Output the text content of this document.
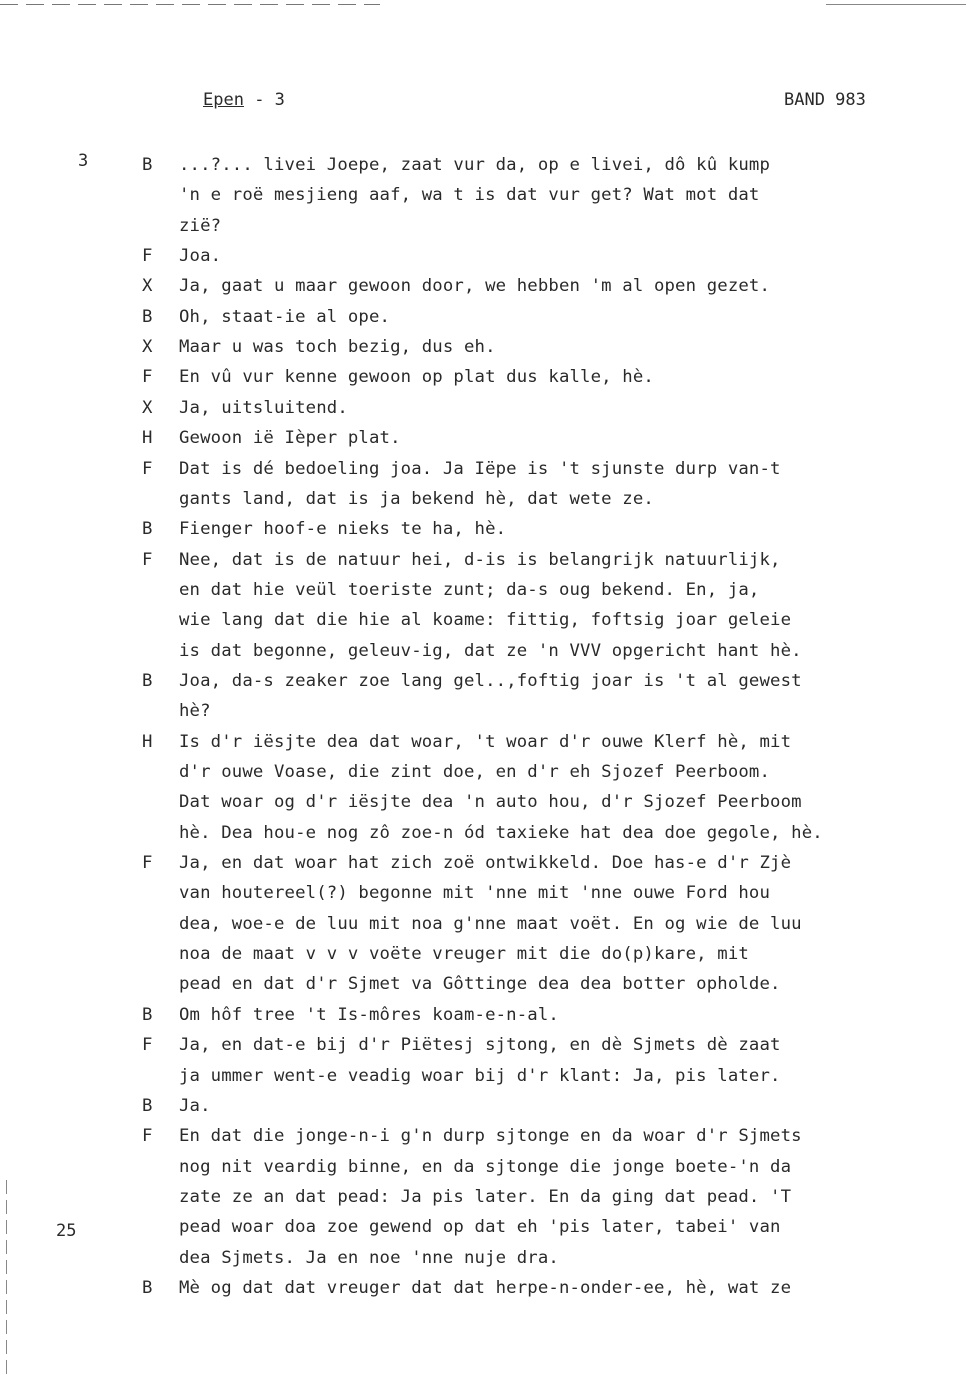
Epen - 3	BAND 983
3
25
B ...?... livei Joepe, zaat vur da, op e livei, dô kû kump
'n e roë mesjieng aaf, wa t is dat vur get? Wat mot dat
zië?
F Joa.
X Ja, gaat u maar gewoon door, we hebben 'm al open gezet.
B Oh, staat-ie al ope.
X Maar u was toch bezig, dus eh.
F En vû vur kenne gewoon op plat dus kalle, hè.
X Ja, uitsluitend.
H Gewoon ië Ièper plat.
F Dat is dé bedoeling joa. Ja Iëpe is 't sjunste durp van-t
gants land, dat is ja bekend hè, dat wete ze.
B Fienger hoof-e nieks te ha, hè.
F Nee, dat is de natuur hei, d-is is belangrijk natuurlijk,
en dat hie veül toeriste zunt; da-s oug bekend. En, ja,
wie lang dat die hie al koame: fittig, foftsig joar geleie
is dat begonne, geleuv-ig, dat ze 'n VVV opgericht hant hè.
B Joa, da-s zeaker zoe lang gel..,foftig joar is 't al gewest
hè?
H Is d'r iësjte dea dat woar, 't woar d'r ouwe Klerf hè, mit
d'r ouwe Voase, die zint doe, en d'r eh Sjozef Peerboom.
Dat woar og d'r iësjte dea 'n auto hou, d'r Sjozef Peerboom
hè. Dea hou-e nog zô zoe-n ód taxieke hat dea doe gegole, hè.
F Ja, en dat woar hat zich zoë ontwikkeld. Doe has-e d'r Zjè
van houtereel(?) begonne mit 'nne mit 'nne ouwe Ford hou
dea, woe-e de luu mit noa g'nne maat voët. En og wie de luu
noa de maat v v v voëte vreuger mit die do(p)kare, mit
pead en dat d'r Sjmet va Gôttinge dea dea botter opholde.
B Om hôf tree 't Is-môres koam-e-n-al.
F Ja, en dat-e bij d'r Piëtesj sjtong, en dè Sjmets dè zaat
ja ummer went-e veadig woar bij d'r klant: Ja, pis later.
B Ja.
F En dat die jonge-n-i g'n durp sjtonge en da woar d'r Sjmets
nog nit veardig binne, en da sjtonge die jonge boete-'n da
zate ze an dat pead: Ja pis later. En da ging dat pead. 'T
pead woar doa zoe gewend op dat eh 'pis later, tabei' van
dea Sjmets. Ja en noe 'nne nuje dra.
B Mè og dat dat vreuger dat dat herpe-n-onder-ee, hè, wat ze
